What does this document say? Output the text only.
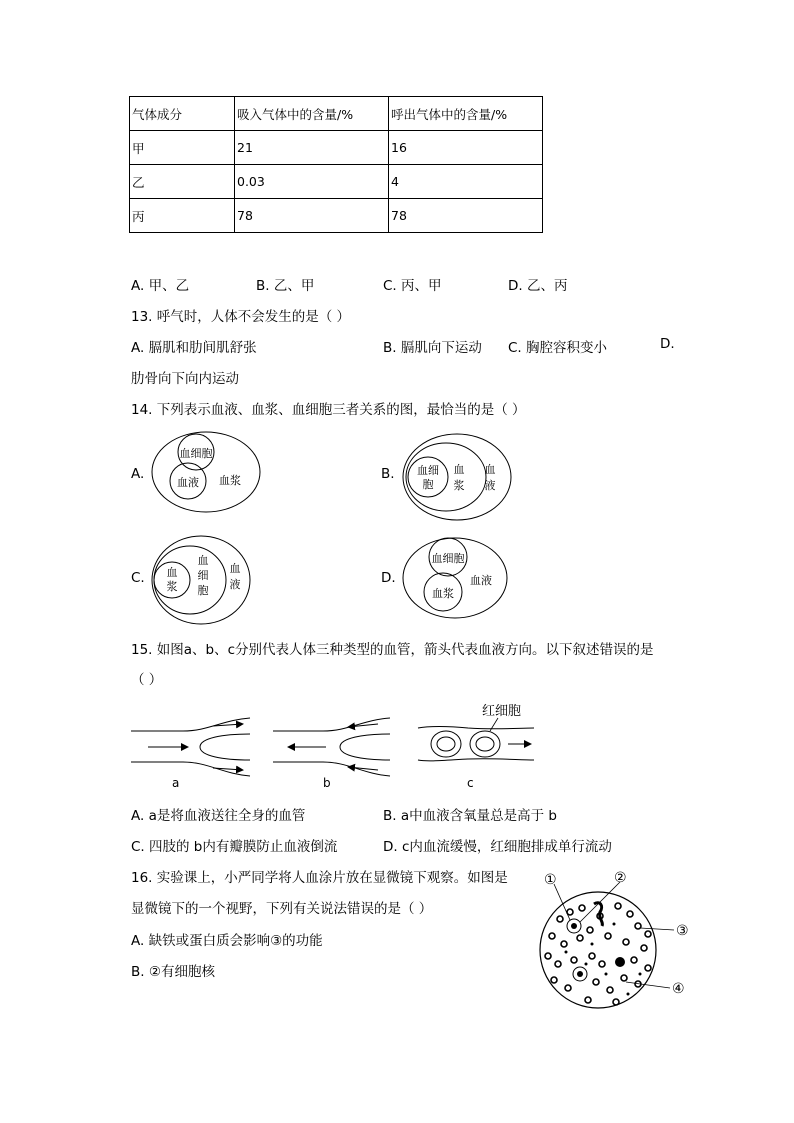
气体成分	吸入气体中的含量/%	呼出气体中的含量/%
甲	21	16
乙	0.03	4
丙	78	78
A. 甲、乙	B. 乙、甲	C. 丙、甲	D. 乙、丙
13. 呼气时，人体不会发生的是（ ）
A. 膈肌和肋间肌舒张	B. 膈肌向下运动 C. 胸腔容积变小	D.
肋骨向下向内运动
14. 下列表示血液、血浆、血细胞三者关系的图，最恰当的是（ ）
A.
血细胞
血液 血浆	B. 血细
胞
血
浆
血
液
C. 血
浆
血
细
胞
血
液	D.
血细胞
血浆
血液
15. 如图a、b、c分别代表人体三种类型的血管，箭头代表血液方向。以下叙述错误的是
（ ）
红细胞
a	b	c
A. a是将血液送往全身的血管	B. a中血液含氧量总是高于 b
C. 四肢的 b内有瓣膜防止血液倒流	D. c内血流缓慢，红细胞排成单行流动
16. 实验课上，小严同学将人血涂片放在显微镜下观察。如图是
显微镜下的一个视野，下列有关说法错误的是（ ）
A. 缺铁或蛋白质会影响③的功能
B. ②有细胞核
①	②
③
④
